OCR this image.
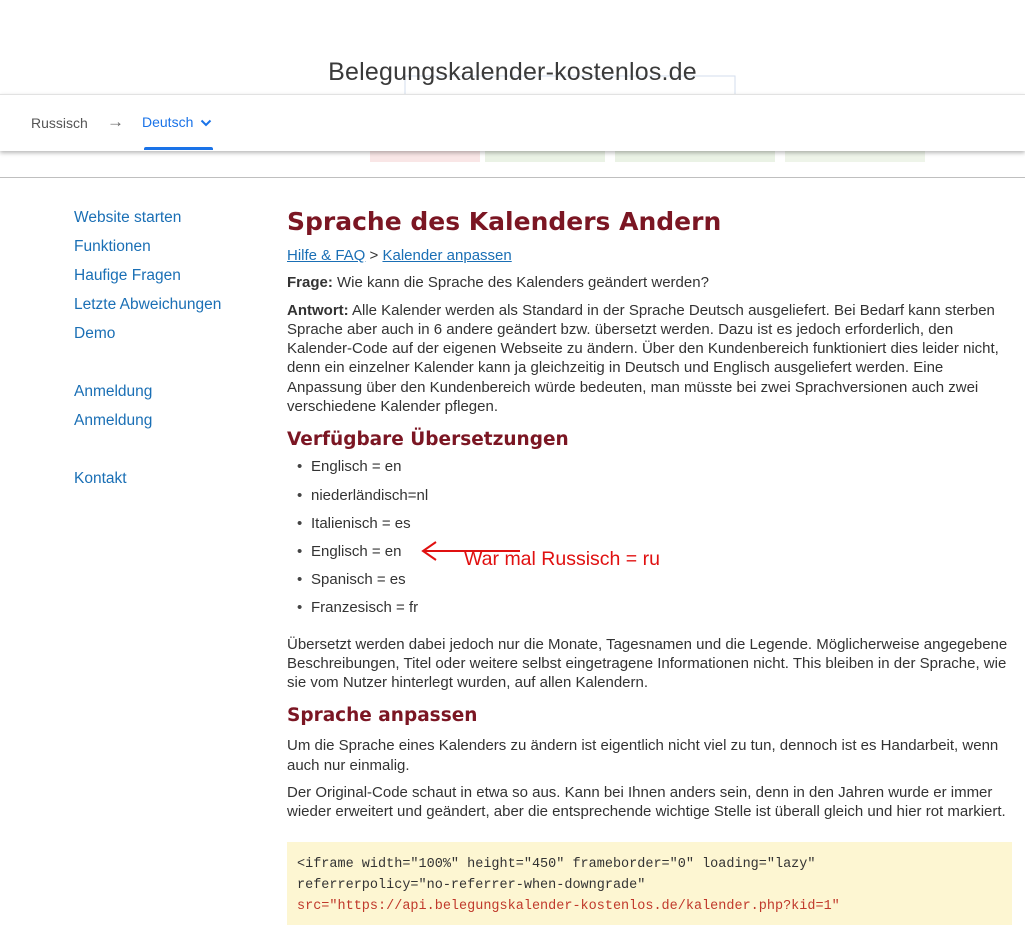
Belegungskalender-kostenlos.de
Russisch → Deutsch
Website starten
Funktionen
Haufige Fragen
Letzte Abweichungen
Demo
Anmeldung
Anmeldung
Kontakt
Sprache des Kalenders Andern
Hilfe & FAQ > Kalender anpassen

Frage: Wie kann die Sprache des Kalenders geändert werden?

Antwort: Alle Kalender werden als Standard in der Sprache Deutsch ausgeliefert. Bei Bedarf kann sterben Sprache aber auch in 6 andere geändert bzw. übersetzt werden. Dazu ist es jedoch erforderlich, den Kalender-Code auf der eigenen Webseite zu ändern. Über den Kundenbereich funktioniert dies leider nicht, denn ein einzelner Kalender kann ja gleichzeitig in Deutsch und Englisch ausgeliefert werden. Eine Anpassung über den Kundenbereich würde bedeuten, man müsste bei zwei Sprachversionen auch zwei verschiedene Kalender pflegen.

Verfügbare Übersetzungen
• Englisch = en
• niederländisch=nl
• Italienisch = es
• Englisch = en
• Spanisch = es
• Franzesisch = fr

Übersetzt werden dabei jedoch nur die Monate, Tagesnamen und die Legende. Möglicherweise angegebene Beschreibungen, Titel oder weitere selbst eingetragene Informationen nicht. This bleiben in der Sprache, wie sie vom Nutzer hinterlegt wurden, auf allen Kalendern.

Sprache anpassen

Um die Sprache eines Kalenders zu ändern ist eigentlich nicht viel zu tun, dennoch ist es Handarbeit, wenn auch nur einmalig.

Der Original-Code schaut in etwa so aus. Kann bei Ihnen anders sein, denn in den Jahren wurde er immer wieder erweitert und geändert, aber die entsprechende wichtige Stelle ist überall gleich und hier rot markiert.

<iframe width="100%" height="450" frameborder="0" loading="lazy"
referrerpolicy="no-referrer-when-downgrade"
src="https://api.belegungskalender-kostenlos.de/kalender.php?kid=1"
War mal Russisch = ru
